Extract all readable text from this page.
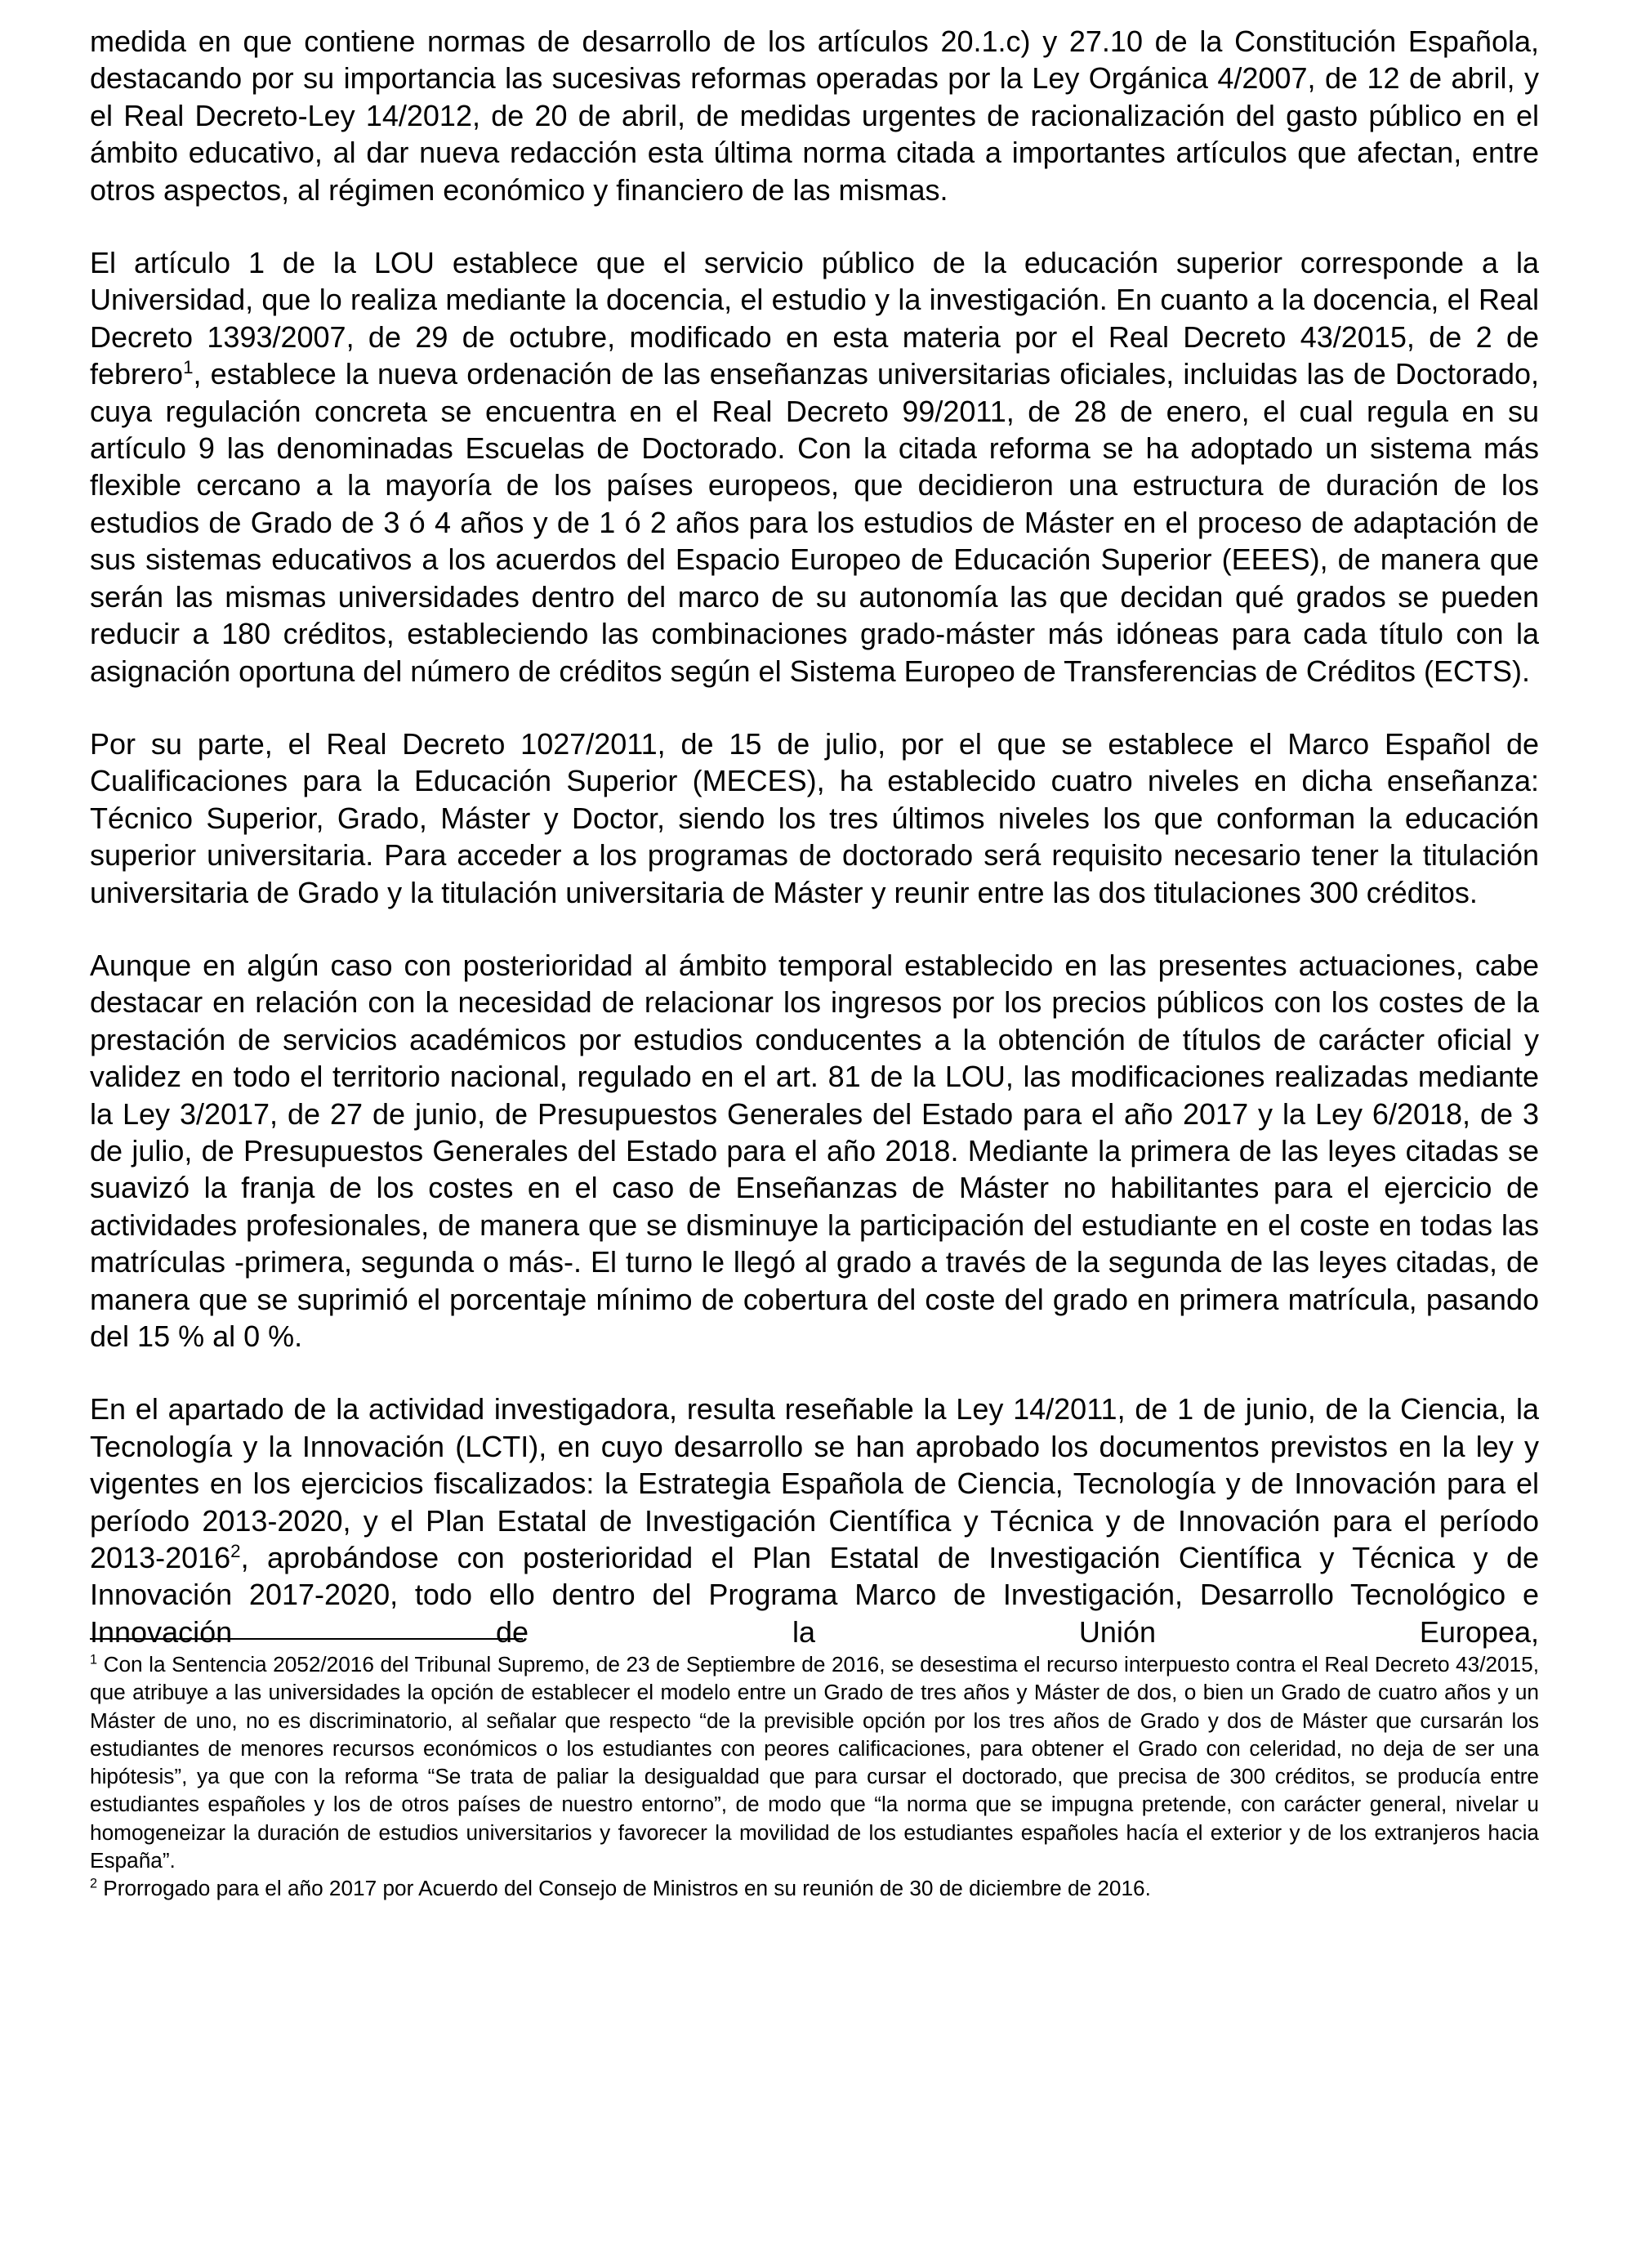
medida en que contiene normas de desarrollo de los artículos 20.1.c) y 27.10 de la Constitución Española, destacando por su importancia las sucesivas reformas operadas por la Ley Orgánica 4/2007, de 12 de abril, y el Real Decreto-Ley 14/2012, de 20 de abril, de medidas urgentes de racionalización del gasto público en el ámbito educativo, al dar nueva redacción esta última norma citada a importantes artículos que afectan, entre otros aspectos, al régimen económico y financiero de las mismas.

El artículo 1 de la LOU establece que el servicio público de la educación superior corresponde a la Universidad, que lo realiza mediante la docencia, el estudio y la investigación. En cuanto a la docencia, el Real Decreto 1393/2007, de 29 de octubre, modificado en esta materia por el Real Decreto 43/2015, de 2 de febrero$^1$, establece la nueva ordenación de las enseñanzas universitarias oficiales, incluidas las de Doctorado, cuya regulación concreta se encuentra en el Real Decreto 99/2011, de 28 de enero, el cual regula en su artículo 9 las denominadas Escuelas de Doctorado. Con la citada reforma se ha adoptado un sistema más flexible cercano a la mayoría de los países europeos, que decidieron una estructura de duración de los estudios de Grado de 3 ó 4 años y de 1 ó 2 años para los estudios de Máster en el proceso de adaptación de sus sistemas educativos a los acuerdos del Espacio Europeo de Educación Superior (EEES), de manera que serán las mismas universidades dentro del marco de su autonomía las que decidan qué grados se pueden reducir a 180 créditos, estableciendo las combinaciones grado-máster más idóneas para cada título con la asignación oportuna del número de créditos según el Sistema Europeo de Transferencias de Créditos (ECTS).

Por su parte, el Real Decreto 1027/2011, de 15 de julio, por el que se establece el Marco Español de Cualificaciones para la Educación Superior (MECES), ha establecido cuatro niveles en dicha enseñanza: Técnico Superior, Grado, Máster y Doctor, siendo los tres últimos niveles los que conforman la educación superior universitaria. Para acceder a los programas de doctorado será requisito necesario tener la titulación universitaria de Grado y la titulación universitaria de Máster y reunir entre las dos titulaciones 300 créditos.

Aunque en algún caso con posterioridad al ámbito temporal establecido en las presentes actuaciones, cabe destacar en relación con la necesidad de relacionar los ingresos por los precios públicos con los costes de la prestación de servicios académicos por estudios conducentes a la obtención de títulos de carácter oficial y validez en todo el territorio nacional, regulado en el art. 81 de la LOU, las modificaciones realizadas mediante la Ley 3/2017, de 27 de junio, de Presupuestos Generales del Estado para el año 2017 y la Ley 6/2018, de 3 de julio, de Presupuestos Generales del Estado para el año 2018. Mediante la primera de las leyes citadas se suavizó la franja de los costes en el caso de Enseñanzas de Máster no habilitantes para el ejercicio de actividades profesionales, de manera que se disminuye la participación del estudiante en el coste en todas las matrículas -primera, segunda o más-. El turno le llegó al grado a través de la segunda de las leyes citadas, de manera que se suprimió el porcentaje mínimo de cobertura del coste del grado en primera matrícula, pasando del 15 % al 0 %.

En el apartado de la actividad investigadora, resulta reseñable la Ley 14/2011, de 1 de junio, de la Ciencia, la Tecnología y la Innovación (LCTI), en cuyo desarrollo se han aprobado los documentos previstos en la ley y vigentes en los ejercicios fiscalizados: la Estrategia Española de Ciencia, Tecnología y de Innovación para el período 2013-2020, y el Plan Estatal de Investigación Científica y Técnica y de Innovación para el período 2013-2016$^2$, aprobándose con posterioridad el Plan Estatal de Investigación Científica y Técnica y de Innovación 2017-2020, todo ello dentro del Programa Marco de Investigación, Desarrollo Tecnológico e Innovación de la Unión Europea,

$^1$ Con la Sentencia 2052/2016 del Tribunal Supremo, de 23 de Septiembre de 2016, se desestima el recurso interpuesto contra el Real Decreto 43/2015, que atribuye a las universidades la opción de establecer el modelo entre un Grado de tres años y Máster de dos, o bien un Grado de cuatro años y un Máster de uno, no es discriminatorio, al señalar que respecto “de la previsible opción por los tres años de Grado y dos de Máster que cursarán los estudiantes de menores recursos económicos o los estudiantes con peores calificaciones, para obtener el Grado con celeridad, no deja de ser una hipótesis”, ya que con la reforma “Se trata de paliar la desigualdad que para cursar el doctorado, que precisa de 300 créditos, se producía entre estudiantes españoles y los de otros países de nuestro entorno”, de modo que “la norma que se impugna pretende, con carácter general, nivelar u homogeneizar la duración de estudios universitarios y favorecer la movilidad de los estudiantes españoles hacía el exterior y de los extranjeros hacia España”.

$^2$ Prorrogado para el año 2017 por Acuerdo del Consejo de Ministros en su reunión de 30 de diciembre de 2016.
